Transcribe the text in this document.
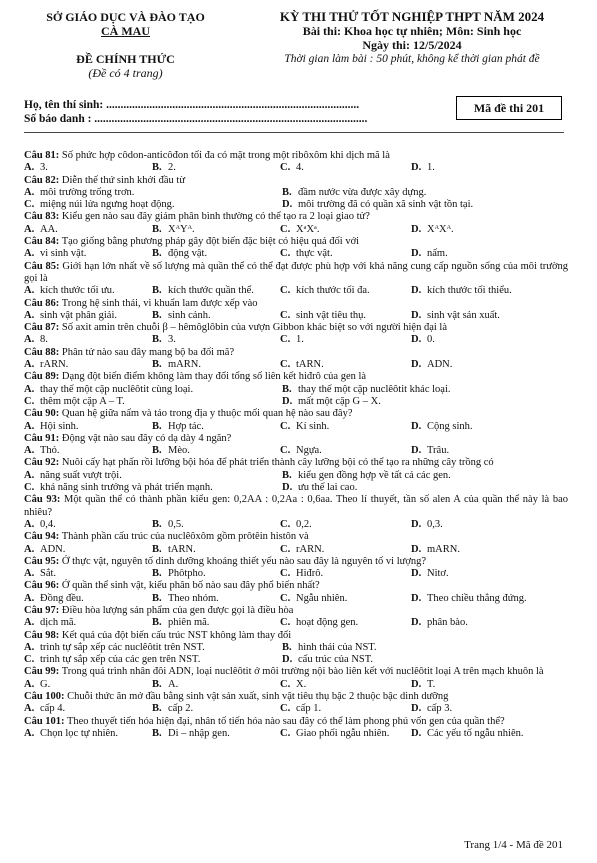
SỞ GIÁO DỤC VÀ ĐÀO TẠO
CÀ MAU
ĐỀ CHÍNH THỨC
(Đề có 4 trang)
KỲ THI THỬ TỐT NGHIỆP THPT NĂM 2024
Bài thi: Khoa học tự nhiên; Môn: Sinh học
Ngày thi: 12/5/2024
Thời gian làm bài : 50 phút, không kể thời gian phát đề
Họ, tên thí sinh: ........................................................................................
Số báo danh : ...............................................................................................
Mã đề thi 201
Câu 81: Số phức hợp côdon-anticôđon tối đa có mặt trong một ribôxôm khi dịch mã là
A. 3.	B. 2.	C. 4.	D. 1.
Câu 82: Diễn thế thứ sinh khởi đầu từ
A. môi trường trống trơn.	B. đầm nước vừa được xây dựng.
C. miệng núi lửa ngưng hoạt động.	D. môi trường đã có quần xã sinh vật tồn tại.
Câu 83: Kiểu gen nào sau đây giảm phân bình thường có thể tạo ra 2 loại giao tử?
A. AA.	B. XᴬYᴬ.	C. XᵃXᵃ.	D. XᴬXᴬ.
Câu 84: Tạo giống bằng phương pháp gây đột biến đặc biệt có hiệu quả đối với
A. vi sinh vật.	B. động vật.	C. thực vật.	D. nấm.
Câu 85: Giới hạn lớn nhất về số lượng mà quần thể có thể đạt được phù hợp với khả năng cung cấp nguồn sống của môi trường gọi là
A. kích thước tối ưu.	B. kích thước quần thể.	C. kích thước tối đa.	D. kích thước tối thiểu.
Câu 86: Trong hệ sinh thái, vi khuẩn lam được xếp vào
A. sinh vật phân giải.	B. sinh cảnh.	C. sinh vật tiêu thụ.	D. sinh vật sản xuất.
Câu 87: Số axit amin trên chuỗi β – hêmôglôbin của vượn Gibbon khác biệt so với người hiện đại là
A. 8.	B. 3.	C. 1.	D. 0.
Câu 88: Phân tử nào sau đây mang bộ ba đối mã?
A. rARN.	B. mARN.	C. tARN.	D. ADN.
Câu 89: Dạng đột biến điểm không làm thay đổi tổng số liên kết hiđrô của gen là
A. thay thế một cặp nuclêôtit cùng loại.	B. thay thế một cặp nuclêôtit khác loại.
C. thêm một cặp A – T.	D. mất một cặp G – X.
Câu 90: Quan hệ giữa nấm và tảo trong địa y thuộc mối quan hệ nào sau đây?
A. Hội sinh.	B. Hợp tác.	C. Kí sinh.	D. Cộng sinh.
Câu 91: Động vật nào sau đây có dạ dày 4 ngăn?
A. Thỏ.	B. Mèo.	C. Ngựa.	D. Trâu.
Câu 92: Nuôi cấy hạt phấn rồi lưỡng bội hóa để phát triển thành cây lưỡng bội có thể tạo ra những cây trồng có
A. năng suất vượt trội.	B. kiểu gen đồng hợp về tất cả các gen.
C. khả năng sinh trưởng và phát triển mạnh.	D. ưu thế lai cao.
Câu 93: Một quần thể có thành phần kiểu gen: 0,2AA : 0,2Aa : 0,6aa. Theo lí thuyết, tần số alen A của quần thể này là bao nhiêu?
A. 0,4.	B. 0,5.	C. 0,2.	D. 0,3.
Câu 94: Thành phần cấu trúc của nuclêôxôm gồm prôtêin histôn và
A. ADN.	B. tARN.	C. rARN.	D. mARN.
Câu 95: Ở thực vật, nguyên tố dinh dưỡng khoáng thiết yếu nào sau đây là nguyên tố vi lượng?
A. Sắt.	B. Phôtpho.	C. Hiđrô.	D. Nitơ.
Câu 96: Ở quần thể sinh vật, kiểu phân bố nào sau đây phổ biến nhất?
A. Đồng đều.	B. Theo nhóm.	C. Ngẫu nhiên.	D. Theo chiều thẳng đứng.
Câu 97: Điều hòa lượng sản phẩm của gen được gọi là điều hòa
A. dịch mã.	B. phiên mã.	C. hoạt động gen.	D. phân bào.
Câu 98: Kết quả của đột biến cấu trúc NST không làm thay đổi
A. trình tự sắp xếp các nuclêôtit trên NST.	B. hình thái của NST.
C. trình tự sắp xếp của các gen trên NST.	D. cấu trúc của NST.
Câu 99: Trong quá trình nhân đôi ADN, loại nuclêôtit ở môi trường nội bào liên kết với nuclêôtit loại A trên mạch khuôn là
A. G.	B. A.	C. X.	D. T.
Câu 100: Chuỗi thức ăn mở đầu bằng sinh vật sản xuất, sinh vật tiêu thụ bậc 2 thuộc bậc dinh dưỡng
A. cấp 4.	B. cấp 2.	C. cấp 1.	D. cấp 3.
Câu 101: Theo thuyết tiến hóa hiện đại, nhân tố tiến hóa nào sau đây có thể làm phong phú vốn gen của quần thể?
A. Chọn lọc tự nhiên.	B. Di – nhập gen.	C. Giao phối ngẫu nhiên.	D. Các yếu tố ngẫu nhiên.
Trang 1/4 - Mã đề 201
